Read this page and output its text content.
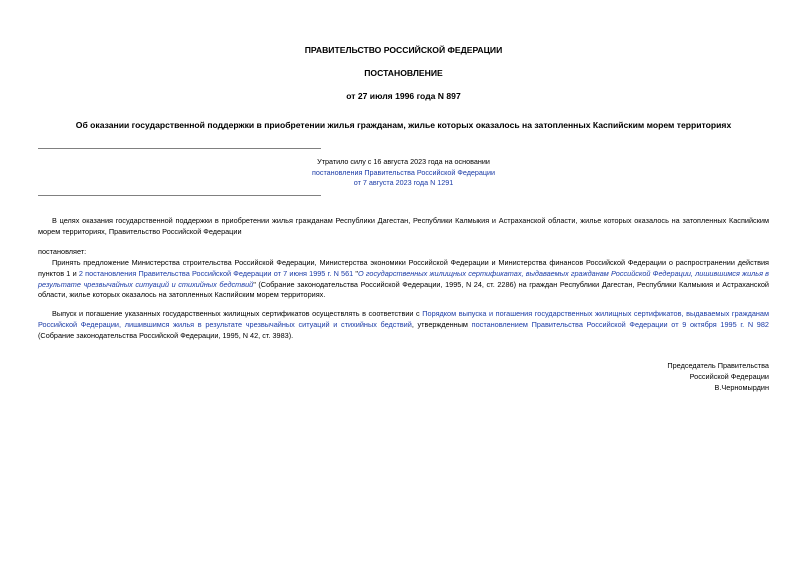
ПРАВИТЕЛЬСТВО РОССИЙСКОЙ ФЕДЕРАЦИИ
ПОСТАНОВЛЕНИЕ
от 27 июля 1996 года N 897
Об оказании государственной поддержки в приобретении жилья гражданам, жилье которых оказалось на затопленных Каспийским морем территориях
Утратило силу с 16 августа 2023 года на основании
постановления Правительства Российской Федерации
от 7 августа 2023 года N 1291
В целях оказания государственной поддержки в приобретении жилья гражданам Республики Дагестан, Республики Калмыкия и Астраханской области, жилье которых оказалось на затопленных Каспийским морем территориях, Правительство Российской Федерации
постановляет:
Принять предложение Министерства строительства Российской Федерации, Министерства экономики Российской Федерации и Министерства финансов Российской Федерации о распространении действия пунктов 1 и 2 постановления Правительства Российской Федерации от 7 июня 1995 г. N 561 "О государственных жилищных сертификатах, выдаваемых гражданам Российской Федерации, лишившимся жилья в результате чрезвычайных ситуаций и стихийных бедствий" (Собрание законодательства Российской Федерации, 1995, N 24, ст. 2286) на граждан Республики Дагестан, Республики Калмыкия и Астраханской области, жилье которых оказалось на затопленных Каспийским морем территориях.
Выпуск и погашение указанных государственных жилищных сертификатов осуществлять в соответствии с Порядком выпуска и погашения государственных жилищных сертификатов, выдаваемых гражданам Российской Федерации, лишившимся жилья в результате чрезвычайных ситуаций и стихийных бедствий, утвержденным постановлением Правительства Российской Федерации от 9 октября 1995 г. N 982 (Собрание законодательства Российской Федерации, 1995, N 42, ст. 3983).
Председатель Правительства
Российской Федерации
В.Черномырдин
